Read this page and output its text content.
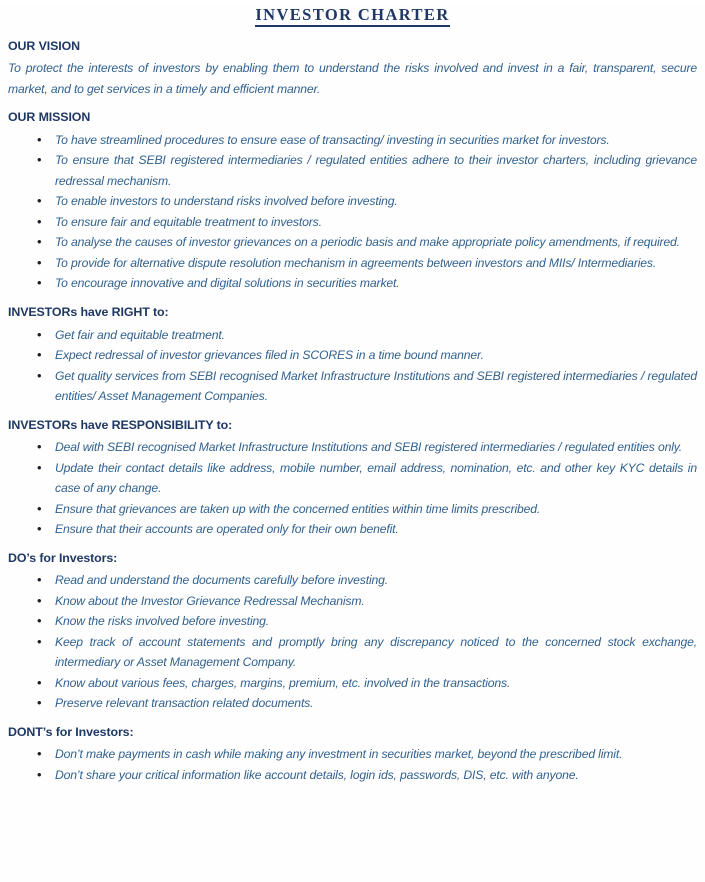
INVESTOR CHARTER
OUR VISION

To protect the interests of investors by enabling them to understand the risks involved and invest in a fair, transparent, secure market, and to get services in a timely and efficient manner.

OUR MISSION
• To have streamlined procedures to ensure ease of transacting/ investing in securities market for investors.
• To ensure that SEBI registered intermediaries / regulated entities adhere to their investor charters, including grievance redressal mechanism.
• To enable investors to understand risks involved before investing.
• To ensure fair and equitable treatment to investors.
• To analyse the causes of investor grievances on a periodic basis and make appropriate policy amendments, if required.
• To provide for alternative dispute resolution mechanism in agreements between investors and MIIs/ Intermediaries.
• To encourage innovative and digital solutions in securities market.
INVESTORs have RIGHT to:
• Get fair and equitable treatment.
• Expect redressal of investor grievances filed in SCORES in a time bound manner.
• Get quality services from SEBI recognised Market Infrastructure Institutions and SEBI registered intermediaries / regulated entities/ Asset Management Companies.
INVESTORs have RESPONSIBILITY to:
• Deal with SEBI recognised Market Infrastructure Institutions and SEBI registered intermediaries / regulated entities only.
• Update their contact details like address, mobile number, email address, nomination, etc. and other key KYC details in case of any change.
• Ensure that grievances are taken up with the concerned entities within time limits prescribed.
• Ensure that their accounts are operated only for their own benefit.
DO’s for Investors:
• Read and understand the documents carefully before investing.
• Know about the Investor Grievance Redressal Mechanism.
• Know the risks involved before investing.
• Keep track of account statements and promptly bring any discrepancy noticed to the concerned stock exchange, intermediary or Asset Management Company.
• Know about various fees, charges, margins, premium, etc. involved in the transactions.
• Preserve relevant transaction related documents.
DONT’s for Investors:
• Don’t make payments in cash while making any investment in securities market, beyond the prescribed limit.
• Don’t share your critical information like account details, login ids, passwords, DIS, etc. with anyone.
